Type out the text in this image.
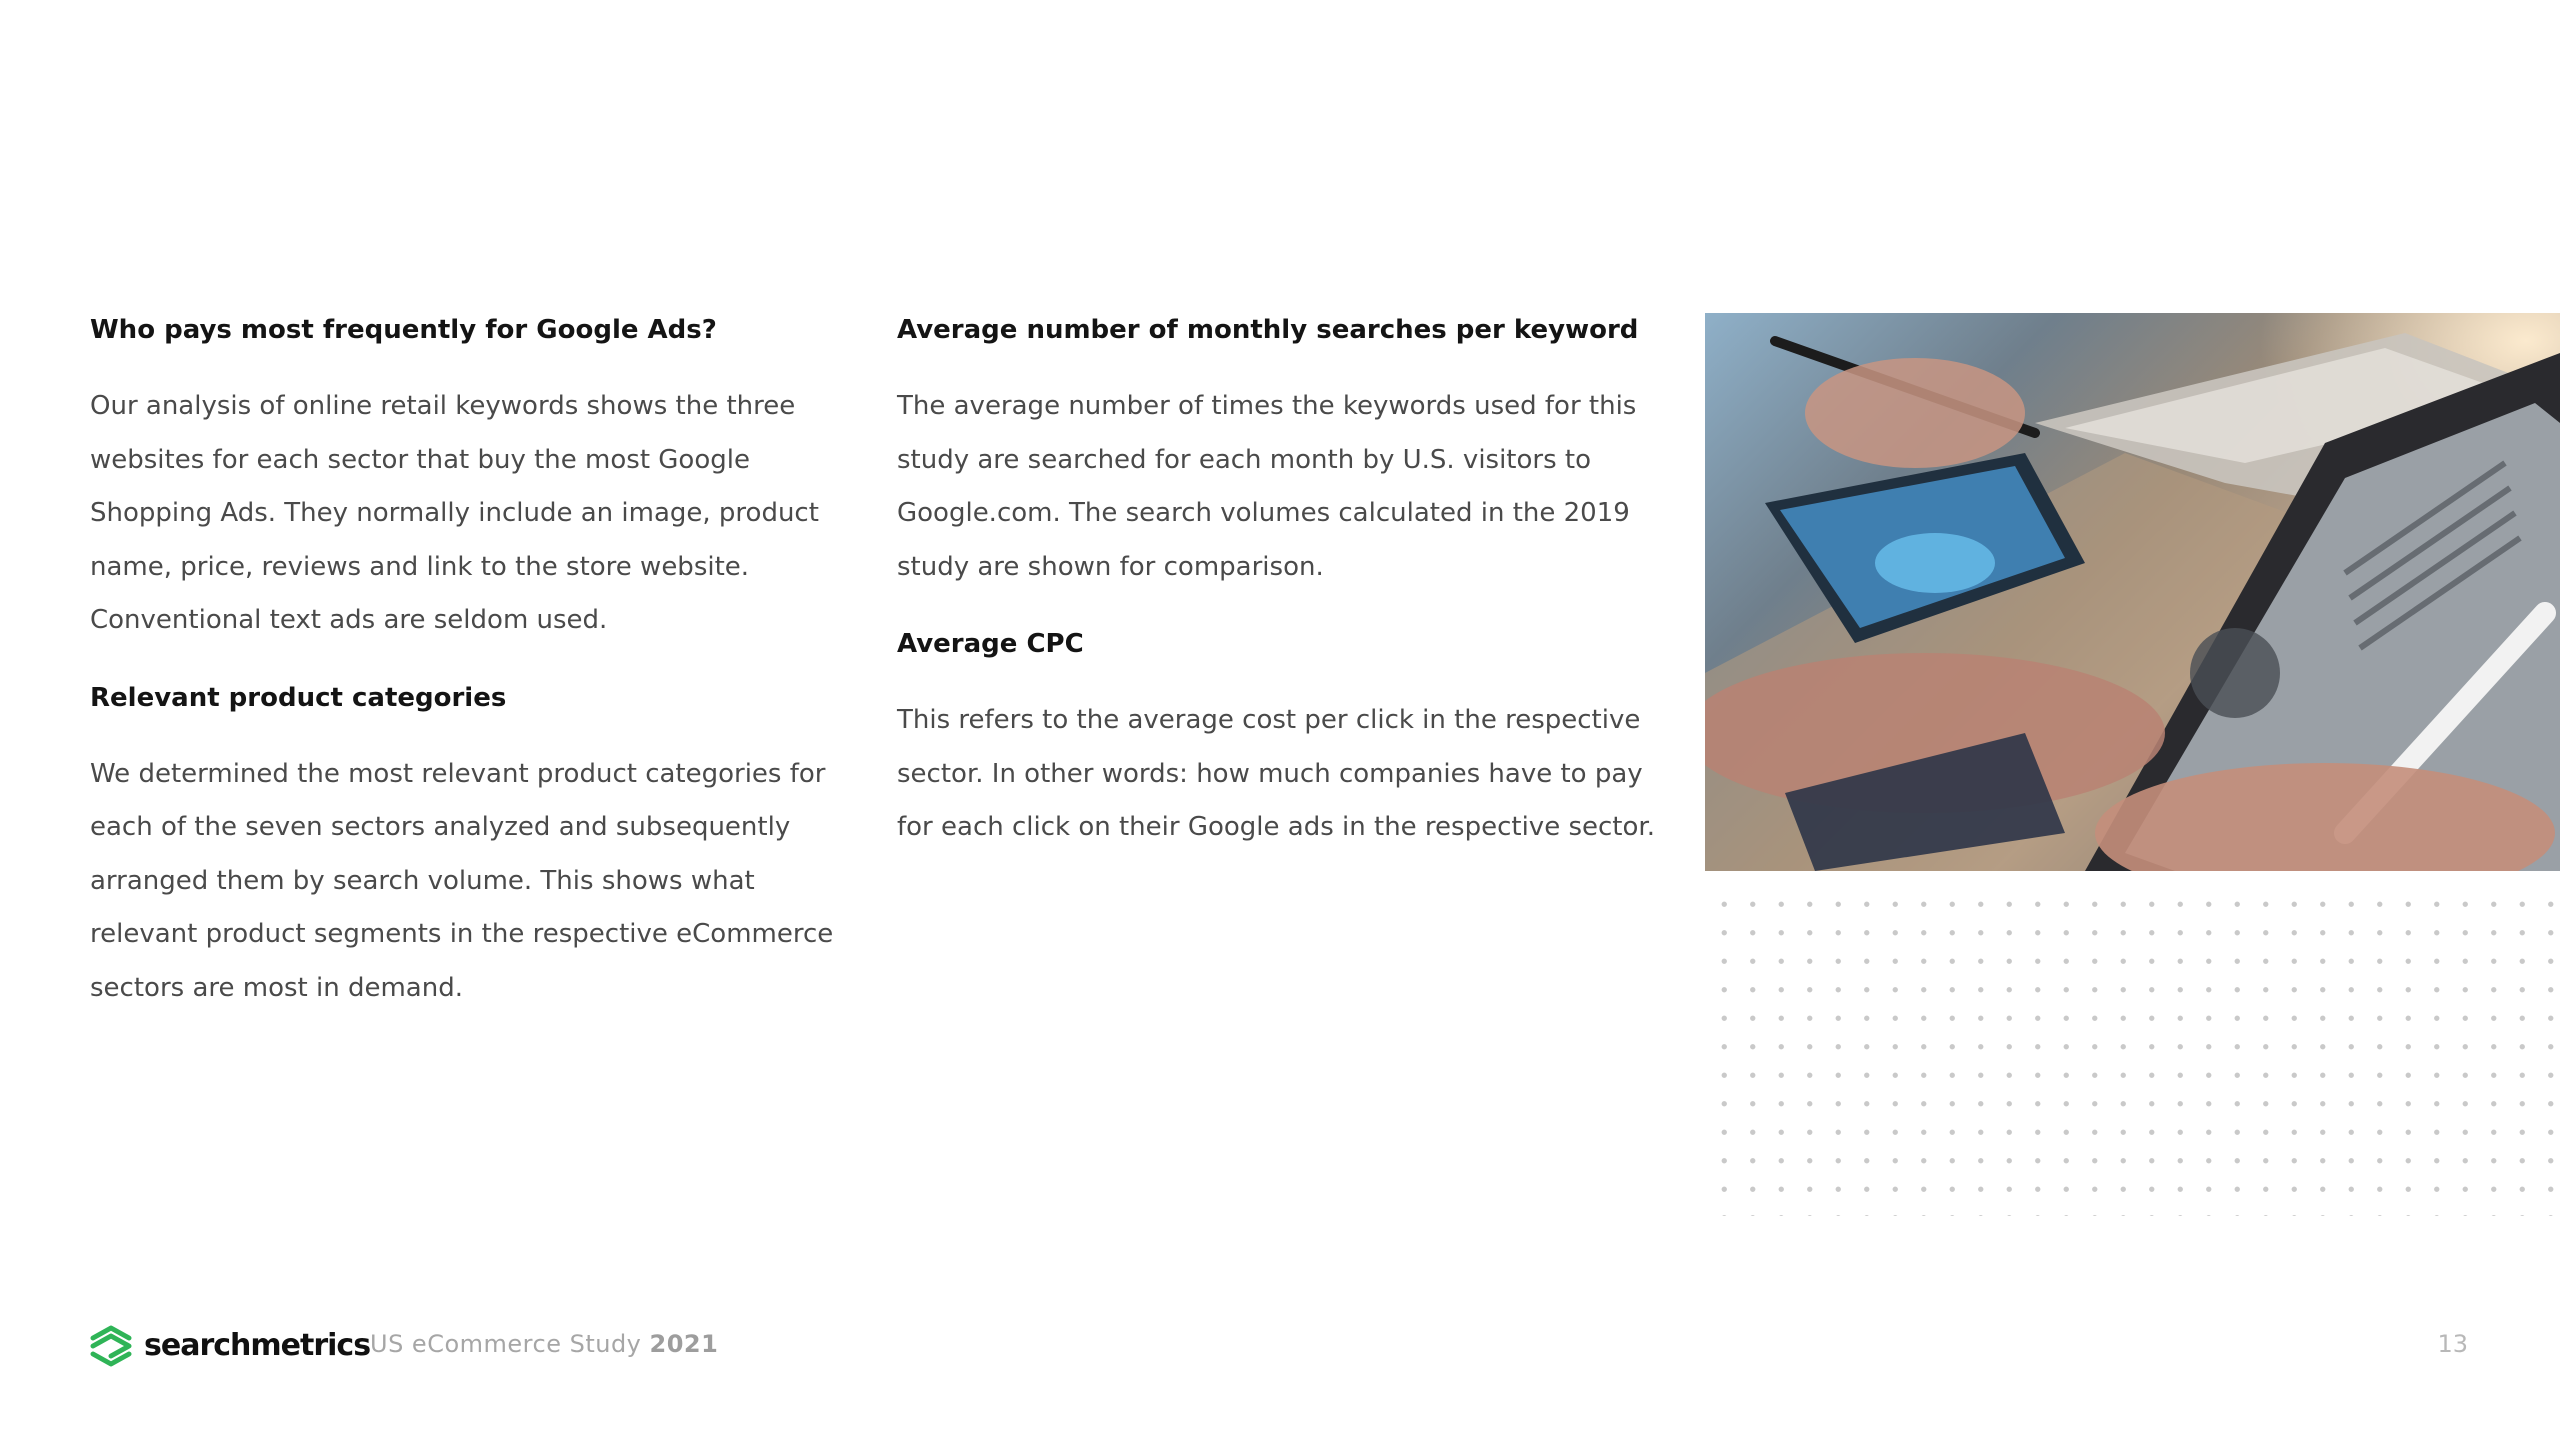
Who pays most frequently for Google Ads?

Our analysis of online retail keywords shows the three websites for each sector that buy the most Google Shopping Ads. They normally include an image, product name, price, reviews and link to the store website. Conventional text ads are seldom used.

Relevant product categories

We determined the most relevant product categories for each of the seven sectors analyzed and subsequently arranged them by search volume. This shows what relevant product segments in the respective eCommerce sectors are most in demand.

Average number of monthly searches per keyword

The average number of times the keywords used for this study are searched for each month by U.S. visitors to Google.com. The search volumes calculated in the 2019 study are shown for comparison.

Average CPC

This refers to the average cost per click in the respective sector. In other words: how much companies have to pay for each click on their Google ads in the respective sector.

searchmetrics US eCommerce Study 2021	13
